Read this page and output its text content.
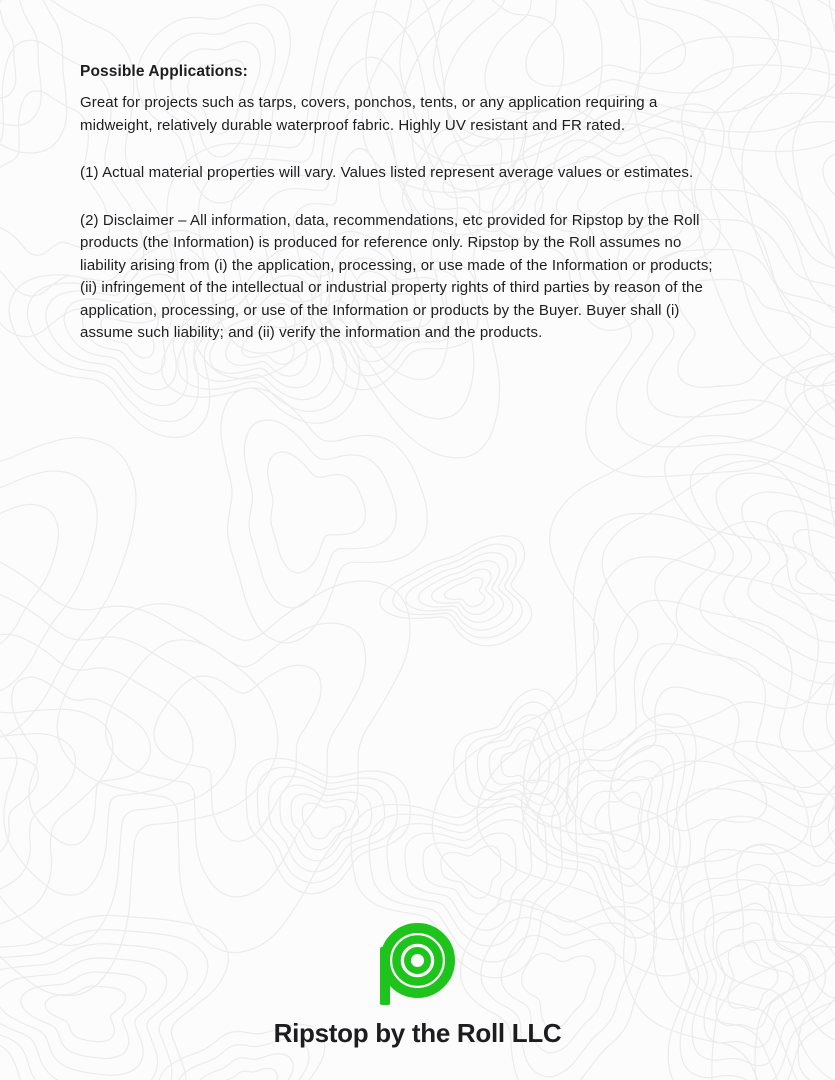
Possible Applications:
Great for projects such as tarps, covers, ponchos, tents, or any application requiring a
midweight, relatively durable waterproof fabric. Highly UV resistant and FR rated.
(1) Actual material properties will vary. Values listed represent average values or estimates.
(2) Disclaimer – All information, data, recommendations, etc provided for Ripstop by the Roll
products (the Information) is produced for reference only. Ripstop by the Roll assumes no
liability arising from (i) the application, processing, or use made of the Information or products;
(ii) infringement of the intellectual or industrial property rights of third parties by reason of the
application, processing, or use of the Information or products by the Buyer. Buyer shall (i)
assume such liability; and (ii) verify the information and the products.
Ripstop by the Roll LLC
